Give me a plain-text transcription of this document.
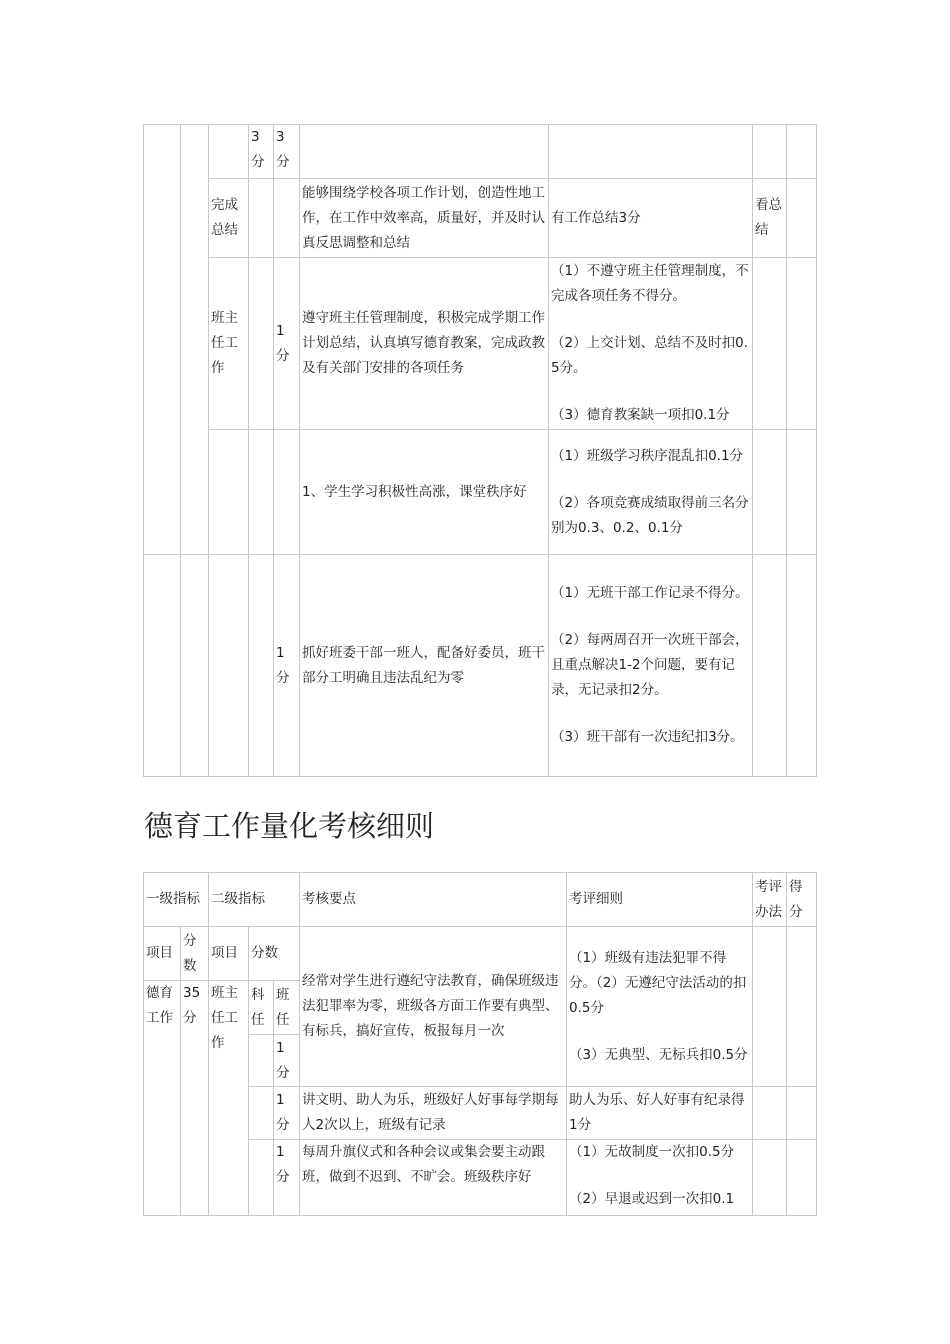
			3分	3分				
		完成总结			能够围绕学校各项工作计划，创造性地工作，在工作中效率高，质量好，并及时认真反思调整和总结	有工作总结3分	看总结	
		班主任工作		1分	遵守班主任管理制度，积极完成学期工作计划总结，认真填写德育教案，完成政教及有关部门安排的各项任务	（1）不遵守班主任管理制度，不完成各项任务不得分。

（2）上交计划、总结不及时扣0.5分。

（3）德育教案缺一项扣0.1分		

					1、学生学习积极性高涨，课堂秩序好	（1）班级学习秩序混乱扣0.1分

（2）各项竞赛成绩取得前三名分别为0.3、0.2、0.1分		

				1分	抓好班委干部一班人，配备好委员，班干部分工明确且违法乱纪为零	（1）无班干部工作记录不得分。

（2）每两周召开一次班干部会，且重点解决1-2个问题，要有记录，无记录扣2分。

（3）班干部有一次违纪扣3分。		

德育工作量化考核细则
一级指标		二级指标			考核要点	考评细则	考评办法	得分
项目	分数	项目	分数		经常对学生进行遵纪守法教育，确保班级违法犯罪率为零，班级各方面工作要有典型、有标兵，搞好宣传，板报每月一次	（1）班级有违法犯罪不得分。（2）无遵纪守法活动的扣0.5分

（3）无典型、无标兵扣0.5分		

德育工作	35分	班主任工作	科任	班任				
				1分				
				1分	讲文明、助人为乐，班级好人好事每学期每人2次以上，班级有记录	助人为乐、好人好事有纪录得1分		
				1分	每周升旗仪式和各种会议或集会要主动跟班，做到不迟到、不旷会。班级秩序好	（1）无故制度一次扣0.5分

（2）早退或迟到一次扣0.1		
